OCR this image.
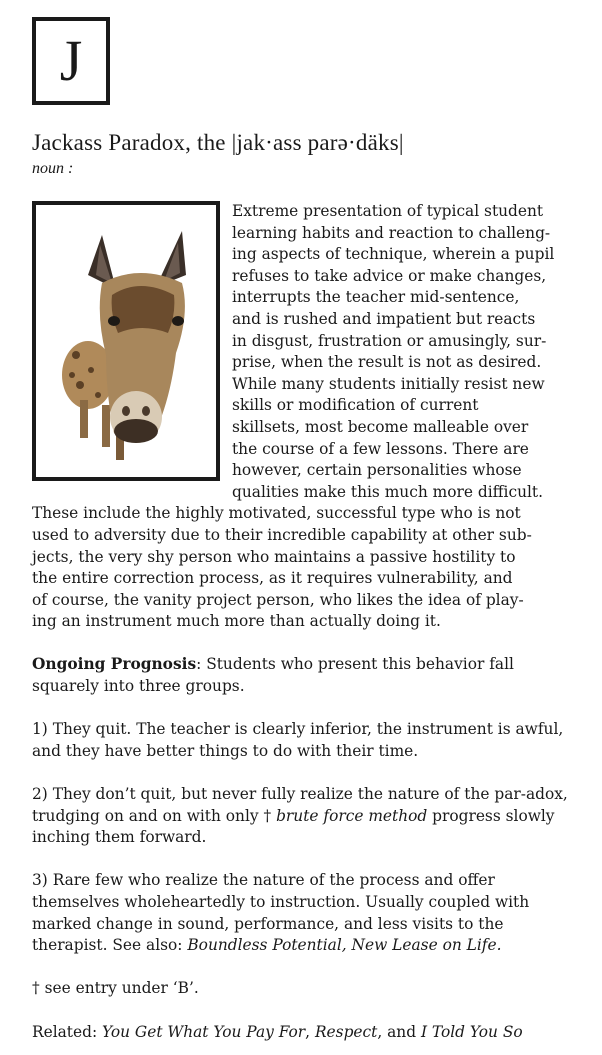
J
Jackass Paradox, the |jak·ass parə·däks|
noun :

Extreme presentation of typical student
learning habits and reaction to challeng-
ing aspects of technique, wherein a pupil
refuses to take advice or make changes,
interrupts the teacher mid-sentence,
and is rushed and impatient but reacts
in disgust, frustration or amusingly, sur-
prise, when the result is not as desired.
While many students initially resist new
skills or modification of current
skillsets, most become malleable over
the course of a few lessons. There are
however, certain personalities whose
qualities make this much more difficult.
These include the highly motivated, successful type who is not
used to adversity due to their incredible capability at other sub-
jects, the very shy person who maintains a passive hostility to
the entire correction process, as it requires vulnerability, and
of course, the vanity project person, who likes the idea of play-
ing an instrument much more than actually doing it.

Ongoing Prognosis: Students who present this behavior fall squarely into three groups.

1) They quit. The teacher is clearly inferior, the instrument is awful, and they have better things to do with their time.

2) They don’t quit, but never fully realize the nature of the par-adox, trudging on and on with only † brute force method progress slowly inching them forward.

3) Rare few who realize the nature of the process and offer themselves wholeheartedly to instruction. Usually coupled with marked change in sound, performance, and less visits to the therapist. See also: Boundless Potential, New Lease on Life.

† see entry under ‘B’.

Related: You Get What You Pay For, Respect, and I Told You So
